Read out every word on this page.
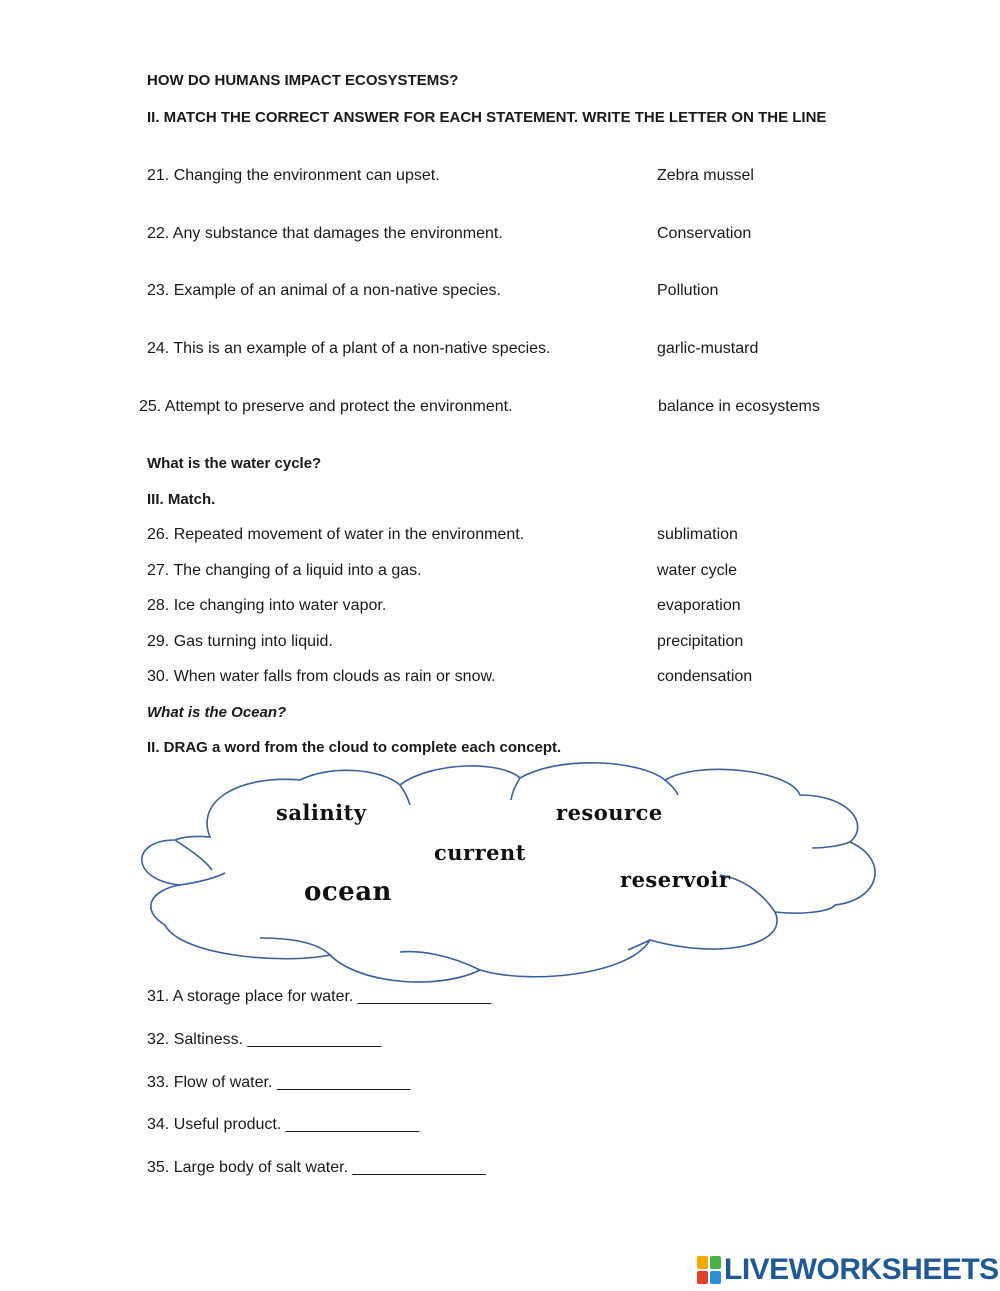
HOW DO HUMANS IMPACT ECOSYSTEMS?
II. MATCH THE CORRECT ANSWER FOR EACH STATEMENT. WRITE THE LETTER ON THE LINE
21. Changing the environment can upset.	Zebra mussel
22. Any substance that damages the environment.	Conservation
23. Example of an animal of a non-native species.	Pollution
24. This is an example of a plant of a non-native species.	garlic-mustard
25. Attempt to preserve and protect the environment.	balance in ecosystems
What is the water cycle?
III. Match.
26. Repeated movement of water in the environment.	sublimation
27. The changing of a liquid into a gas.	water cycle
28. Ice changing into water vapor.	evaporation
29. Gas turning into liquid.	precipitation
30. When water falls from clouds as rain or snow.	condensation
What is the Ocean?
II. DRAG a word from the cloud to complete each concept.
salinity	resource
current
ocean	reservoir
31. A storage place for water. _______________
32. Saltiness. _______________
33. Flow of water. _______________
34. Useful product. _______________
35. Large body of salt water. _______________
LIVEWORKSHEETS
